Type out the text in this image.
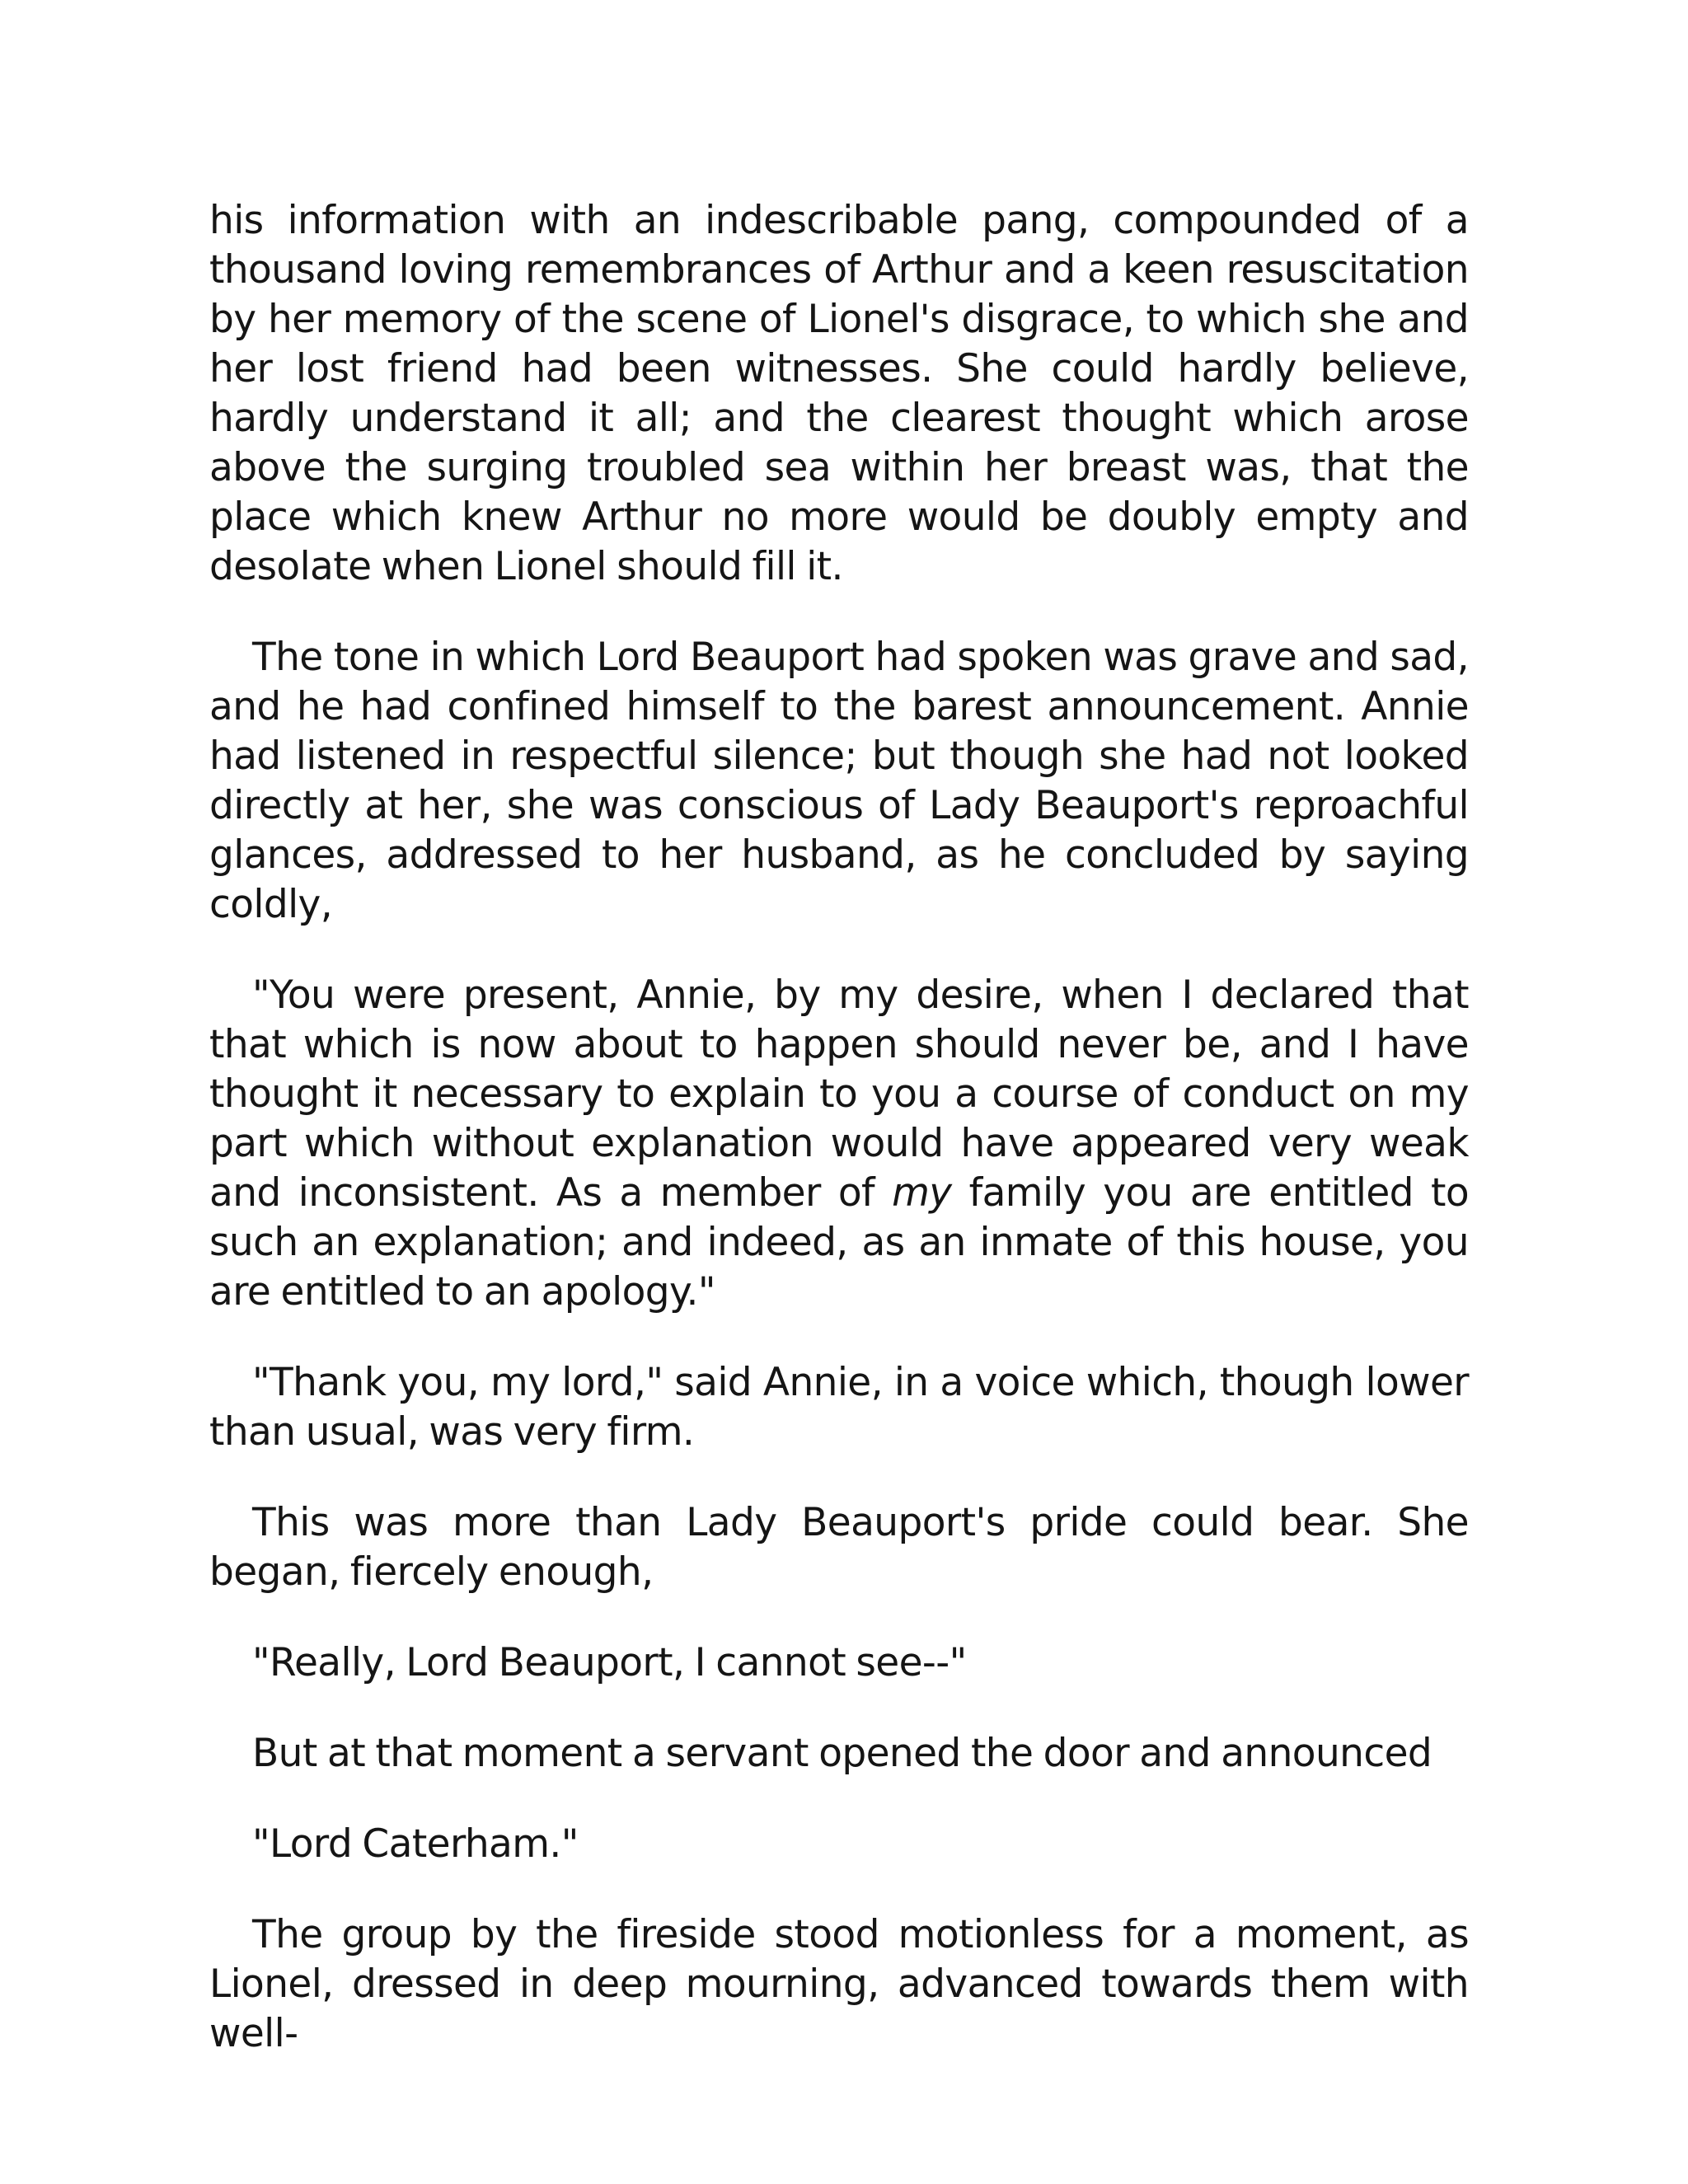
his information with an indescribable pang, compounded of a thousand loving remembrances of Arthur and a keen resuscitation by her memory of the scene of Lionel's disgrace, to which she and her lost friend had been witnesses. She could hardly believe, hardly understand it all; and the clearest thought which arose above the surging troubled sea within her breast was, that the place which knew Arthur no more would be doubly empty and desolate when Lionel should fill it.

The tone in which Lord Beauport had spoken was grave and sad, and he had confined himself to the barest announcement. Annie had listened in respectful silence; but though she had not looked directly at her, she was conscious of Lady Beauport's reproachful glances, addressed to her husband, as he concluded by saying coldly,

"You were present, Annie, by my desire, when I declared that that which is now about to happen should never be, and I have thought it necessary to explain to you a course of conduct on my part which without explanation would have appeared very weak and inconsistent. As a member of my family you are entitled to such an explanation; and indeed, as an inmate of this house, you are entitled to an apology."

"Thank you, my lord," said Annie, in a voice which, though lower than usual, was very firm.

This was more than Lady Beauport's pride could bear. She began, fiercely enough,

"Really, Lord Beauport, I cannot see--"

But at that moment a servant opened the door and announced

"Lord Caterham."

The group by the fireside stood motionless for a moment, as Lionel, dressed in deep mourning, advanced towards them with well-
